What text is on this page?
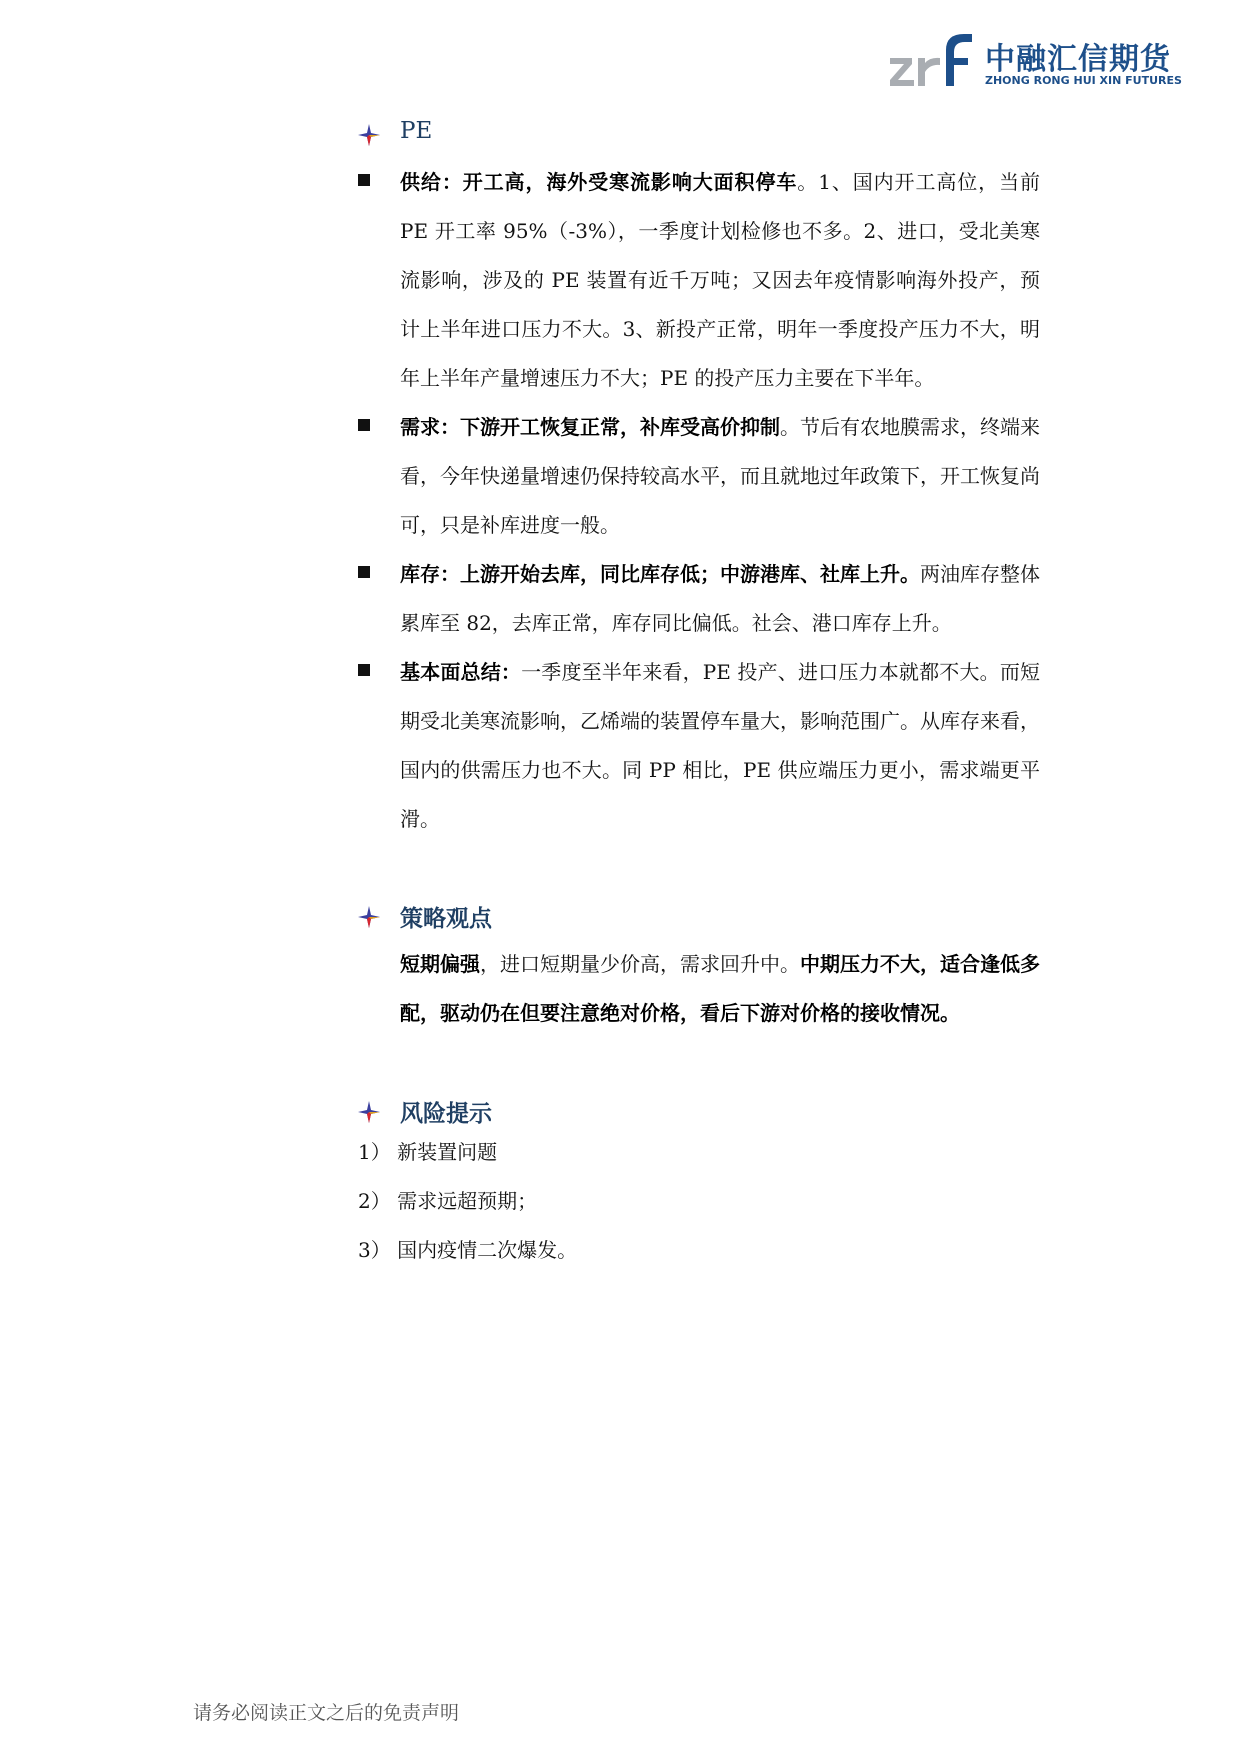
中融汇信期货
ZHONG RONG HUI XIN FUTURES
PE
供给：开工高，海外受寒流影响大面积停车。1、国内开工高位，当前 PE 开工率 95%（-3%），一季度计划检修也不多。2、进口，受北美寒流影响，涉及的 PE 装置有近千万吨；又因去年疫情影响海外投产，预计上半年进口压力不大。3、新投产正常，明年一季度投产压力不大，明年上半年产量增速压力不大；PE 的投产压力主要在下半年。
需求：下游开工恢复正常，补库受高价抑制。节后有农地膜需求，终端来看，今年快递量增速仍保持较高水平，而且就地过年政策下，开工恢复尚可，只是补库进度一般。
库存：上游开始去库，同比库存低；中游港库、社库上升。两油库存整体累库至 82，去库正常，库存同比偏低。社会、港口库存上升。
基本面总结：一季度至半年来看，PE 投产、进口压力本就都不大。而短期受北美寒流影响，乙烯端的装置停车量大，影响范围广。从库存来看，国内的供需压力也不大。同 PP 相比，PE 供应端压力更小，需求端更平滑。
策略观点
短期偏强，进口短期量少价高，需求回升中。中期压力不大，适合逢低多配，驱动仍在但要注意绝对价格，看后下游对价格的接收情况。
风险提示
1） 新装置问题
2） 需求远超预期；
3） 国内疫情二次爆发。
请务必阅读正文之后的免责声明
